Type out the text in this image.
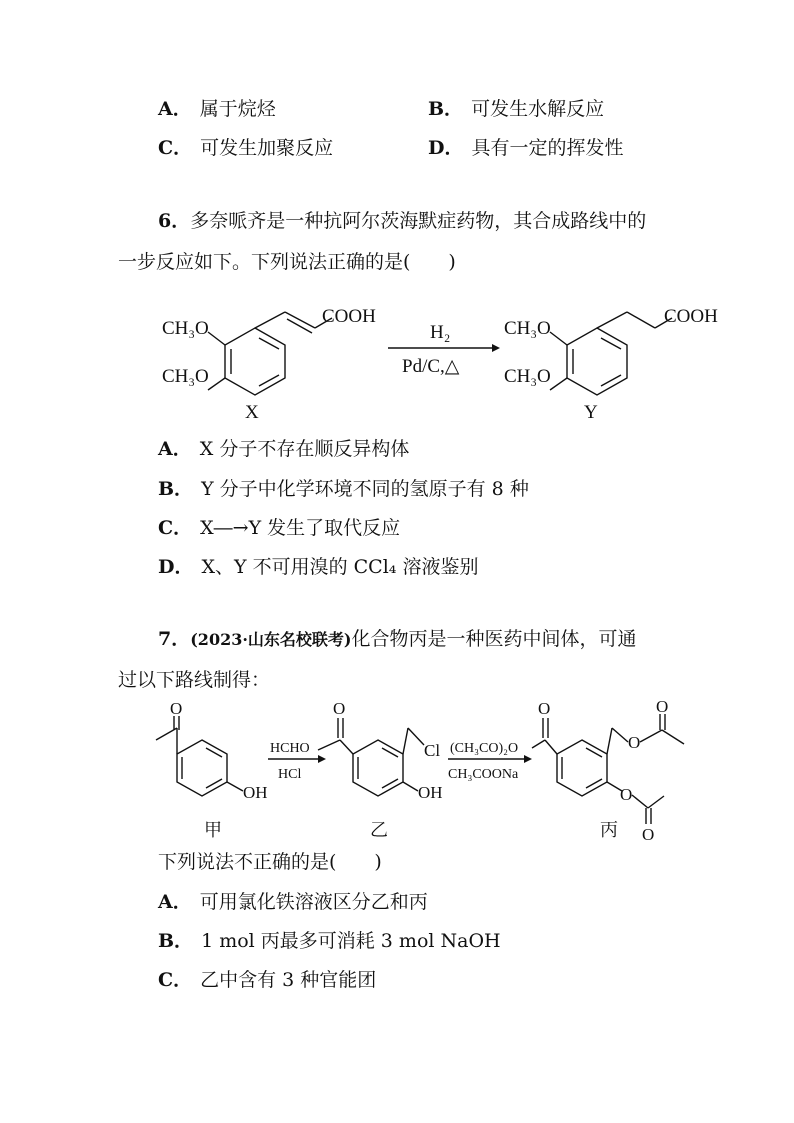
A． 属于烷烃	B． 可发生水解反应
C． 可发生加聚反应	D． 具有一定的挥发性
6．多奈哌齐是一种抗阿尔茨海默症药物，其合成路线中的
一步反应如下。下列说法正确的是(　　)
CH₃O
CH₃O
COOH
X
H₂
Pd/C,△
CH₃O
CH₃O
COOH
Y
A． X 分子不存在顺反异构体
B． Y 分子中化学环境不同的氢原子有 8 种
C． X―→Y 发生了取代反应
D． X、Y 不可用溴的 CCl₄ 溶液鉴别
7．(2023·山东名校联考)化合物丙是一种医药中间体，可通
过以下路线制得：
O
OH
甲
HCHO
HCl
O
Cl
OH
乙
(CH₃CO)₂O
CH₃COONa
O
O
O
O
O
丙
下列说法不正确的是(　　)
A． 可用氯化铁溶液区分乙和丙
B． 1 mol 丙最多可消耗 3 mol NaOH
C． 乙中含有 3 种官能团
